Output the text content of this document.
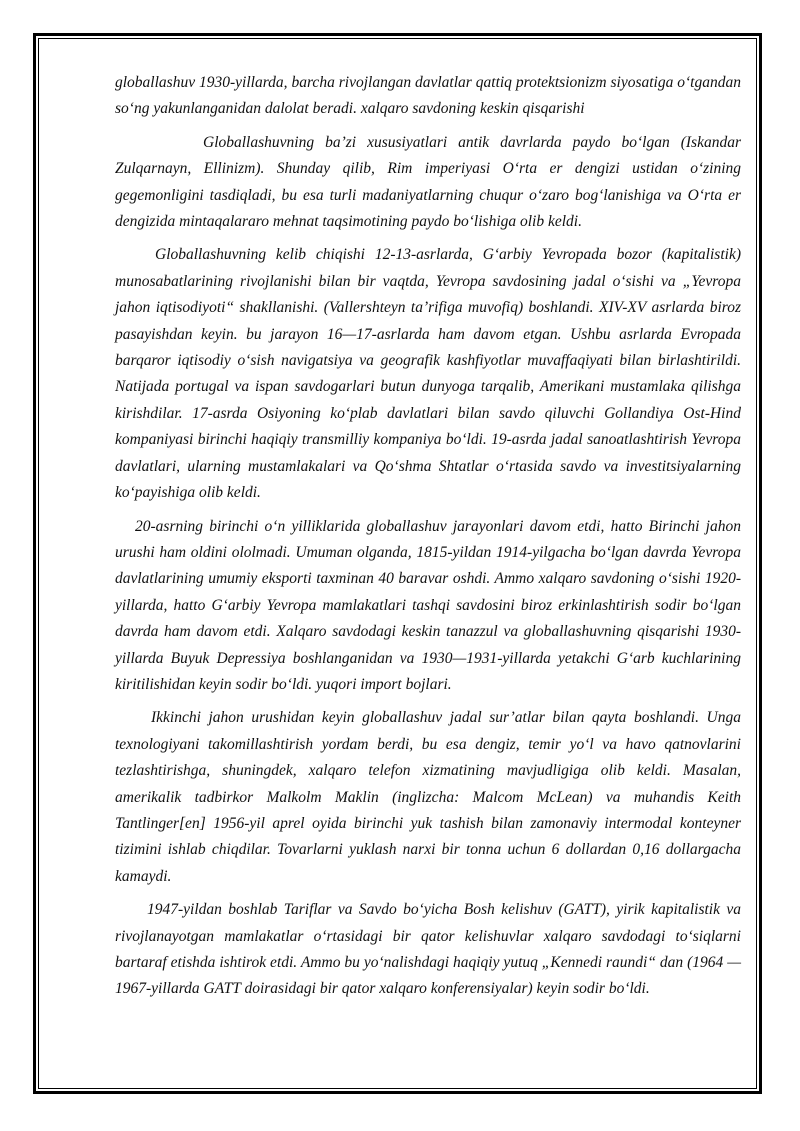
globallashuv 1930-yillarda, barcha rivojlangan davlatlar qattiq protektsionizm siyosatiga o‘tgandan so‘ng yakunlanganidan dalolat beradi. xalqaro savdoning keskin qisqarishi

Globallashuvning ba’zi xususiyatlari antik davrlarda paydo bo‘lgan (Iskandar Zulqarnayn, Ellinizm). Shunday qilib, Rim imperiyasi O‘rta er dengizi ustidan o‘zining gegemonligini tasdiqladi, bu esa turli madaniyatlarning chuqur o‘zaro bog‘lanishiga va O‘rta er dengizida mintaqalararo mehnat taqsimotining paydo bo‘lishiga olib keldi.

Globallashuvning kelib chiqishi 12-13-asrlarda, G‘arbiy Yevropada bozor (kapitalistik) munosabatlarining rivojlanishi bilan bir vaqtda, Yevropa savdosining jadal o‘sishi va „Yevropa jahon iqtisodiyoti“ shakllanishi. (Vallershteyn ta’rifiga muvofiq) boshlandi. XIV-XV asrlarda biroz pasayishdan keyin. bu jarayon 16—17-asrlarda ham davom etgan. Ushbu asrlarda Evropada barqaror iqtisodiy o‘sish navigatsiya va geografik kashfiyotlar muvaffaqiyati bilan birlashtirildi. Natijada portugal va ispan savdogarlari butun dunyoga tarqalib, Amerikani mustamlaka qilishga kirishdilar. 17-asrda Osiyoning ko‘plab davlatlari bilan savdo qiluvchi Gollandiya Ost-Hind kompaniyasi birinchi haqiqiy transmilliy kompaniya bo‘ldi. 19-asrda jadal sanoatlashtirish Yevropa davlatlari, ularning mustamlakalari va Qo‘shma Shtatlar o‘rtasida savdo va investitsiyalarning ko‘payishiga olib keldi.

20-asrning birinchi o‘n yilliklarida globallashuv jarayonlari davom etdi, hatto Birinchi jahon urushi ham oldini ololmadi. Umuman olganda, 1815-yildan 1914-yilgacha bo‘lgan davrda Yevropa davlatlarining umumiy eksporti taxminan 40 baravar oshdi. Ammo xalqaro savdoning o‘sishi 1920-yillarda, hatto G‘arbiy Yevropa mamlakatlari tashqi savdosini biroz erkinlashtirish sodir bo‘lgan davrda ham davom etdi. Xalqaro savdodagi keskin tanazzul va globallashuvning qisqarishi 1930-yillarda Buyuk Depressiya boshlanganidan va 1930—1931-yillarda yetakchi G‘arb kuchlarining kiritilishidan keyin sodir bo‘ldi. yuqori import bojlari.

Ikkinchi jahon urushidan keyin globallashuv jadal sur’atlar bilan qayta boshlandi. Unga texnologiyani takomillashtirish yordam berdi, bu esa dengiz, temir yo‘l va havo qatnovlarini tezlashtirishga, shuningdek, xalqaro telefon xizmatining mavjudligiga olib keldi. Masalan, amerikalik tadbirkor Malkolm Maklin (inglizcha: Malcom McLean) va muhandis Keith Tantlinger[en] 1956-yil aprel oyida birinchi yuk tashish bilan zamonaviy intermodal konteyner tizimini ishlab chiqdilar. Tovarlarni yuklash narxi bir tonna uchun 6 dollardan 0,16 dollargacha kamaydi.

1947-yildan boshlab Tariflar va Savdo bo‘yicha Bosh kelishuv (GATT), yirik kapitalistik va rivojlanayotgan mamlakatlar o‘rtasidagi bir qator kelishuvlar xalqaro savdodagi to‘siqlarni bartaraf etishda ishtirok etdi. Ammo bu yo‘nalishdagi haqiqiy yutuq „Kennedi raundi“ dan (1964 —1967-yillarda GATT doirasidagi bir qator xalqaro konferensiyalar) keyin sodir bo‘ldi.
